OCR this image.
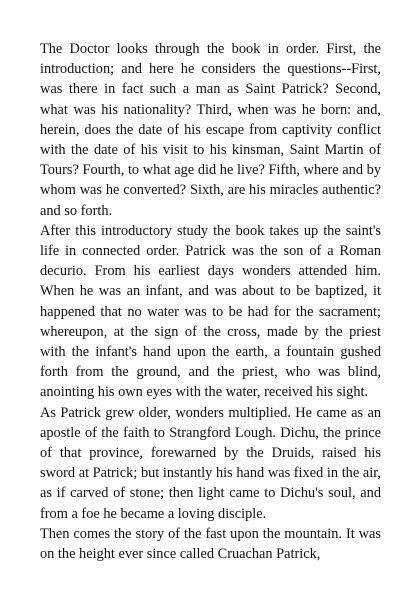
The Doctor looks through the book in order. First, the introduction; and here he considers the questions--First, was there in fact such a man as Saint Patrick? Second, what was his nationality? Third, when was he born: and, herein, does the date of his escape from captivity conflict with the date of his visit to his kinsman, Saint Martin of Tours? Fourth, to what age did he live? Fifth, where and by whom was he converted? Sixth, are his miracles authentic? and so forth.

After this introductory study the book takes up the saint's life in connected order. Patrick was the son of a Roman decurio. From his earliest days wonders attended him. When he was an infant, and was about to be baptized, it happened that no water was to be had for the sacrament; whereupon, at the sign of the cross, made by the priest with the infant's hand upon the earth, a fountain gushed forth from the ground, and the priest, who was blind, anointing his own eyes with the water, received his sight.

As Patrick grew older, wonders multiplied. He came as an apostle of the faith to Strangford Lough. Dichu, the prince of that province, forewarned by the Druids, raised his sword at Patrick; but instantly his hand was fixed in the air, as if carved of stone; then light came to Dichu's soul, and from a foe he became a loving disciple.

Then comes the story of the fast upon the mountain. It was on the height ever since called Cruachan Patrick,
